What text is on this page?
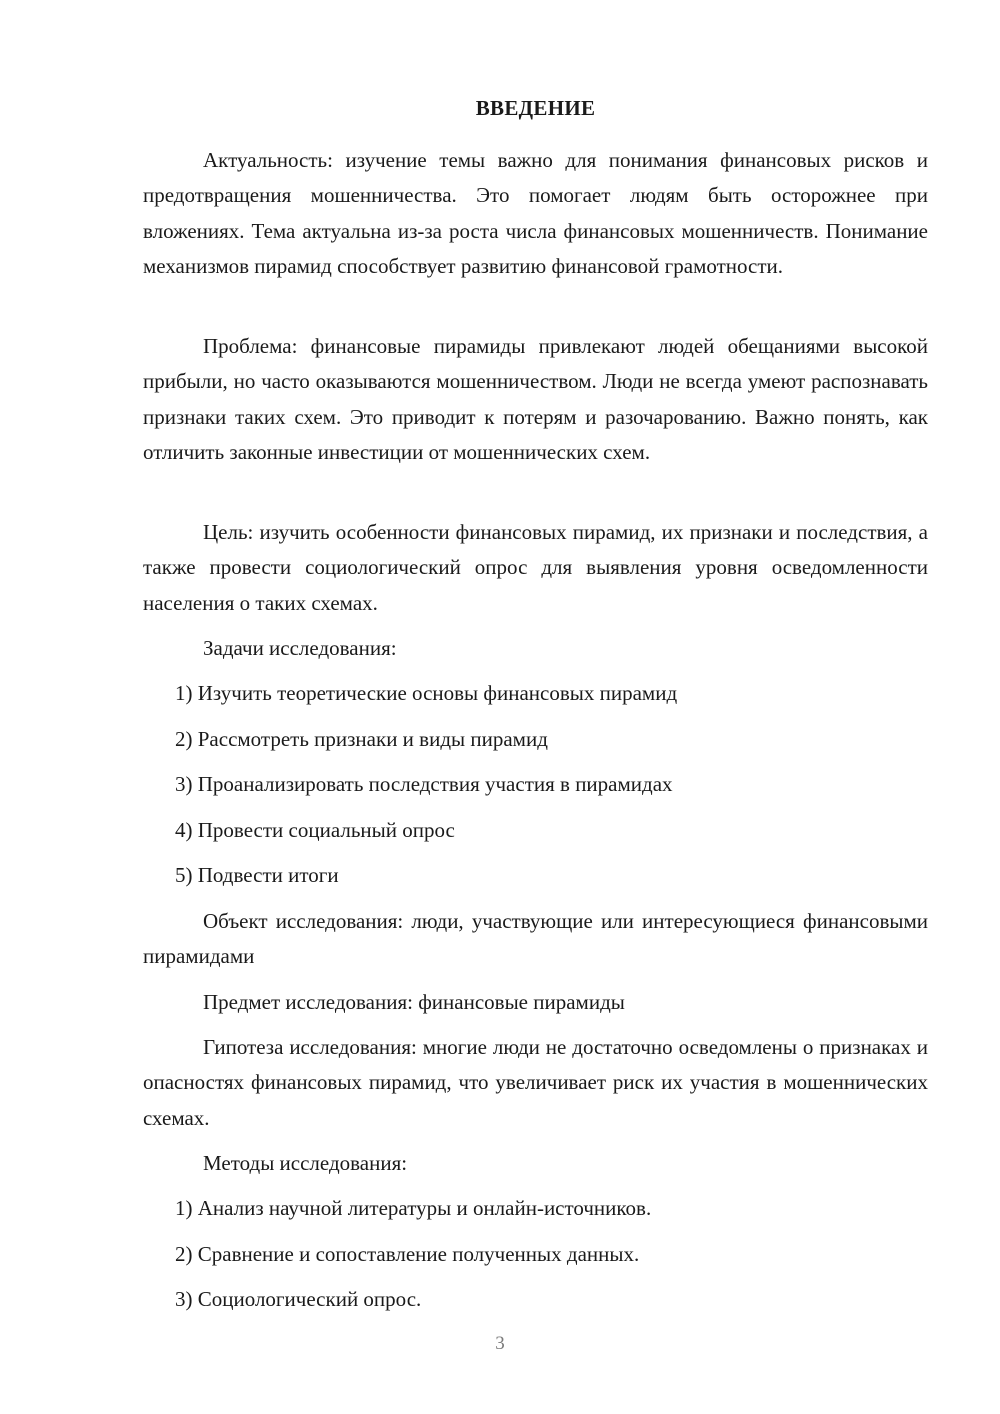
ВВЕДЕНИЕ

Актуальность: изучение темы важно для понимания финансовых рисков и предотвращения мошенничества. Это помогает людям быть осторожнее при вложениях. Тема актуальна из-за роста числа финансовых мошенничеств. Понимание механизмов пирамид способствует развитию финансовой грамотности.

Проблема: финансовые пирамиды привлекают людей обещаниями высокой прибыли, но часто оказываются мошенничеством. Люди не всегда умеют распознавать признаки таких схем. Это приводит к потерям и разочарованию. Важно понять, как отличить законные инвестиции от мошеннических схем.

Цель: изучить особенности финансовых пирамид, их признаки и последствия, а также провести социологический опрос для выявления уровня осведомленности населения о таких схемах.

Задачи исследования:

1) Изучить теоретические основы финансовых пирамид

2) Рассмотреть признаки и виды пирамид

3) Проанализировать последствия участия в пирамидах

4) Провести социальный опрос

5) Подвести итоги

Объект исследования: люди, участвующие или интересующиеся финансовыми пирамидами

Предмет исследования: финансовые пирамиды

Гипотеза исследования: многие люди не достаточно осведомлены о признаках и опасностях финансовых пирамид, что увеличивает риск их участия в мошеннических схемах.

Методы исследования:

1) Анализ научной литературы и онлайн-источников.

2) Сравнение и сопоставление полученных данных.

3) Социологический опрос.

3
